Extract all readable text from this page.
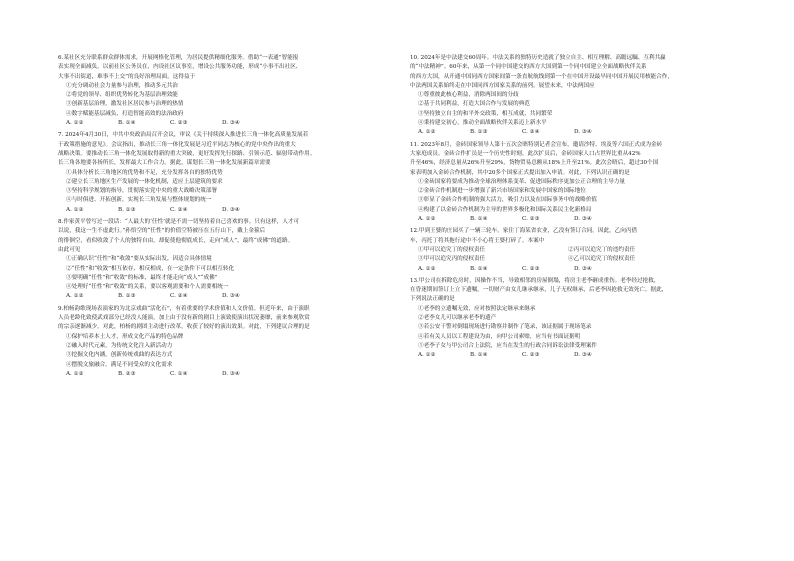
6.某社区充分联系群众群体需求，开展网格化管理，为居民提供精细化服务。借助“一表通”智能报

表实现全面减负，以前社区公务员在，内设社区议事室，增设公共服务功能，形成“小事不出社区、

大事不出街道，难事不上交”的良好治理局面。这得益于

①充分调动社会力量参与治理，推动多元共治

②将党的领导、组织优势转化为基层治理效能

③创新基层治理，激发社区居民参与治理的热情

④数字赋能基层减负，打造智能高效的法治政府

A. ①②	B. ①④	C. ②③	D. ③④

7. 2024年4月30日，中共中央政治局召开会议，审议《关于持续深入推进长三角一体化高质量发展若

干政策措施的意见》。会议指出，推动长三角一体化发展是习近平同志为核心的党中央作出的重大

战略决策。要推动长三角一体化发展取得新的重大突破，更好发挥先行探路、引领示范、辐射带动作用。

长三角各地要各扬所长，发挥最大工作合力。据此，谋划长三角一体化发展新篇章需要

①具体分析长三角地区的优势和不足，充分发挥各自的独特优势

②建立长三角地区生产发展的一体化机制，适应上层建筑的要求

③坚持科学规划的指导，贯彻落实党中央的重大战略决策部署

④与时俱进、开拓创新，实现长三角发展与整体规划的统一

A. ①②	B. ①③	C. ②④	D. ③④

8.作家黄平曾写过一段话：“人最大的‘任性’就是不需一切坚持着自己喜欢的事。只有这样，人才可

以说，我这一生不虚此行。”孙悟空的“任性”的价值空特被压在五行山下，戴上金箍后

的徘徊空，看似收敛了个人的独特自由，却促使他彻底成长，走向“成人”，最终“成佛”的道路。

由此可见

①正确认识“任性”和“收敛”要从实际出发，因适合具体情境

②“任性”和“收敛”相互依存、相反相成，在一定条件下可以相互转化

③要明确“任性”和“收敛”的标准，最终才能走向“成人”“成佛”

④处理好“任性”和“收敛”的关系，要以客观需要和个人需要相统一

A. ①②	B. ①③	C. ②④	D. ③④

9.柏杨韵歌现场表演家的为北京戏曲“活化石”，有着重要的学术价值和人文价值。但近年来，由于演职

人员老龄化致使武戏部分已经没人能演，加上由于没有新的剧目上演致使演出状况萎靡，前来参观欣赏

的宗亲逐渐减少。对此，柏杨的剧团主动进行改革，收获了较好的演出效果。对此，下列建议合理的是

①保护培养本土人才，形成文化产品的特色品牌

②融入时代元素，为传统文化注入新活动力

③挖掘文化内涵，创新传统戏曲的表达方式

④摆脱文旅融合，满足不同受众的文化需求

A. ①②	B. ②③	C. ①④	D. ③④

10. 2024年是中法建交60周年。中法关系的独特历史造就了独立自主、相互理解、高瞻远瞩、互利共赢

的“中法精神”。60年来，从第一个同中国建交的西方大国到第一个同中国建立全面战略伙伴关系

的西方大国，从开通中国同西方国家间第一条直航航线到第一个在中国开设最早同中国开展民用核能合作，

中法两国关系始终走在中国同西方国家关系的前列。展望未来，中法两国应

①尊重彼此核心利益，消除两国间的分歧

②基于共同利益，打造大国合作与发展的典范

③坚持独立自主的和平外交政策，相互成就、共同繁荣

④秉持建交初心，推动全面战略伙伴关系迈上新水平

A. ①②	B. ①③	C. ②④	D. ③④

11. 2023年8月，金砖国家领导人第十五次会晤特别记者会宣布，邀请沙特、埃及等六国正式成为金砖

大家庭成员。金砖合作扩员是一个历史性时刻。此次扩员后，金砖国家人口占世界比重从42%

升至46%，经济总量从26%升至29%，货物贸易总额从18%上升至21%。此次会晤后，超过30个国

家表明加入金砖合作机制，其中20多个国家正式提出加入申请。对此，下列认识正确的是

①金砖国家将要成为推动全球治理体系变革、促进国际秩序更加公正合理的主导力量

②金砖合作机制进一步增强了新兴市场国家和发展中国家的国际地位

③彰显了金砖合作机制的强大活力，吸引力以及在国际事务中的战略价值

④构建了以金砖合作机制为主导的世界多极化和国际关系民主化新格局

A. ①②	B. ①④	C. ②③	D. ③④

12.甲到王婆的庄园买了一辆三轮车。家住丁海某省农业，乙没有签订合同。因此，乙向丙借

车，丙托丁将其拖行途中不小心将王婆打碎了。本案中

①甲可以追究丁的侵权责任	②丙可以追究丁的违约责任
③甲可以追究丙的侵权责任	④乙可以追究丁的侵权责任
A. ①②	B. ①④	C. ②③	D. ③④

13.甲公司在拆除危房时，因操作不当，导致相邻的房屋倒塌，将房主老李砸成重伤。老李经过抢救，

在昏迷期间签订上立下遗嘱，一切财产由女儿继承继承，儿子无权继承，后老李因抢救无效死亡。据此，

下列说法正确的是

①老李的立遗嘱无效，应对按照法定继承来继承

②老李女儿可以继承老李的遗产

③若公安干警对倒塌现场进行勘察并制作了笔录，该证据属于现场笔录

④若有关人员以工程建设为由，向甲公司索赔，应当有书面证据明

⑤老李子女与甲公司合上法院，应当在发生的行政合同诉讼法律受理案件

A. ①②	B. ①④	C. ②③	D. ③④
